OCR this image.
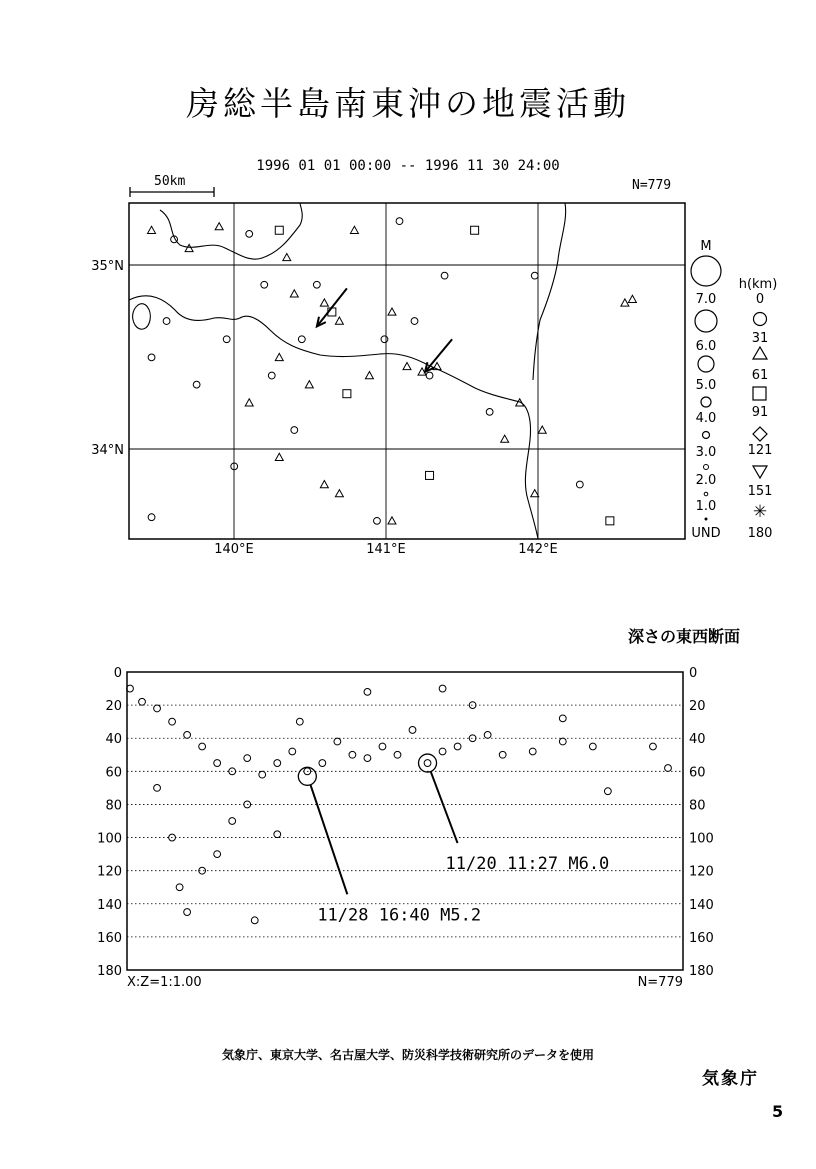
房総半島南東沖の地震活動
1996 01 01 00:00 -- 1996 11 30 24:00
50km	N=779
140°E	141°E	142°E
35°N
34°N
M
7.0
6.0
5.0
4.0
3.0
2.0
1.0
UND
h(km)
0
31
61
91
121
151
✳
180
深さの東西断面
0	0
20	20
40	40
60	60
80	80
100	100
120	120
140	140
160	160
180	180
11/20 11:27 M6.0
11/28 16:40 M5.2
X:Z=1:1.00	N=779
気象庁、東京大学、名古屋大学、防災科学技術研究所のデータを使用
気象庁
5
